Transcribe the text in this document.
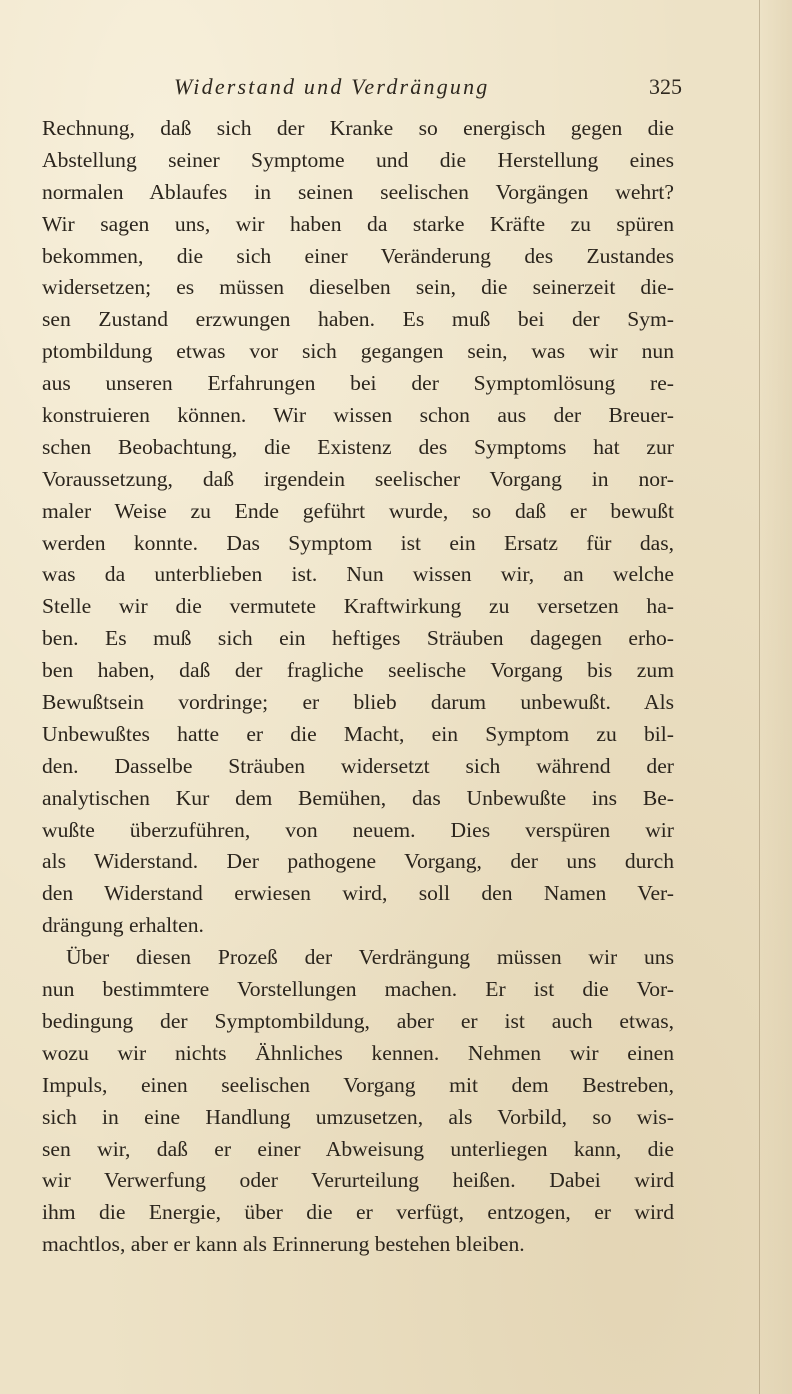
Widerstand und Verdrängung	325
Rechnung, daß sich der Kranke so energisch gegen die
Abstellung seiner Symptome und die Herstellung eines
normalen Ablaufes in seinen seelischen Vorgängen wehrt?
Wir sagen uns, wir haben da starke Kräfte zu spüren
bekommen, die sich einer Veränderung des Zustandes
widersetzen; es müssen dieselben sein, die seinerzeit die-
sen Zustand erzwungen haben. Es muß bei der Sym-
ptombildung etwas vor sich gegangen sein, was wir nun
aus unseren Erfahrungen bei der Symptomlösung re-
konstruieren können. Wir wissen schon aus der Breuer-
schen Beobachtung, die Existenz des Symptoms hat zur
Voraussetzung, daß irgendein seelischer Vorgang in nor-
maler Weise zu Ende geführt wurde, so daß er bewußt
werden konnte. Das Symptom ist ein Ersatz für das,
was da unterblieben ist. Nun wissen wir, an welche
Stelle wir die vermutete Kraftwirkung zu versetzen ha-
ben. Es muß sich ein heftiges Sträuben dagegen erho-
ben haben, daß der fragliche seelische Vorgang bis zum
Bewußtsein vordringe; er blieb darum unbewußt. Als
Unbewußtes hatte er die Macht, ein Symptom zu bil-
den. Dasselbe Sträuben widersetzt sich während der
analytischen Kur dem Bemühen, das Unbewußte ins Be-
wußte überzuführen, von neuem. Dies verspüren wir
als Widerstand. Der pathogene Vorgang, der uns durch
den Widerstand erwiesen wird, soll den Namen Ver-
drängung erhalten.
Über diesen Prozeß der Verdrängung müssen wir uns
nun bestimmtere Vorstellungen machen. Er ist die Vor-
bedingung der Symptombildung, aber er ist auch etwas,
wozu wir nichts Ähnliches kennen. Nehmen wir einen
Impuls, einen seelischen Vorgang mit dem Bestreben,
sich in eine Handlung umzusetzen, als Vorbild, so wis-
sen wir, daß er einer Abweisung unterliegen kann, die
wir Verwerfung oder Verurteilung heißen. Dabei wird
ihm die Energie, über die er verfügt, entzogen, er wird
machtlos, aber er kann als Erinnerung bestehen bleiben.
